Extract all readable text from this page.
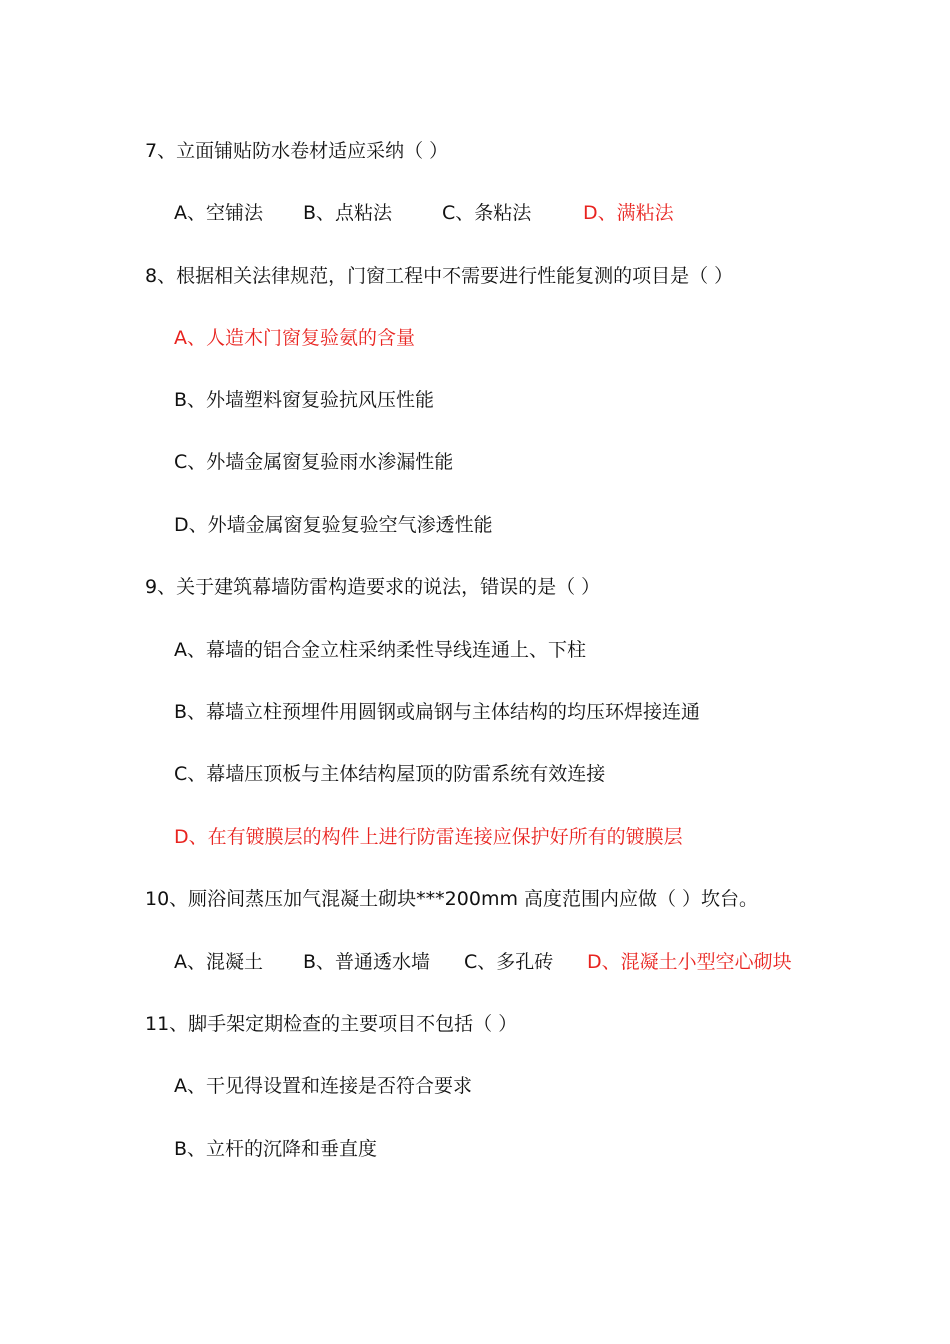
7、立面铺贴防水卷材适应采纳（ ）
A、空铺法 B、点粘法	C、条粘法	D、满粘法
8、根据相关法律规范，门窗工程中不需要进行性能复测的项目是（ ）
A、人造木门窗复验氨的含量
B、外墙塑料窗复验抗风压性能
C、外墙金属窗复验雨水渗漏性能
D、外墙金属窗复验复验空气渗透性能
9、关于建筑幕墙防雷构造要求的说法，错误的是（ ）
A、幕墙的铝合金立柱采纳柔性导线连通上、下柱
B、幕墙立柱预埋件用圆钢或扁钢与主体结构的均压环焊接连通
C、幕墙压顶板与主体结构屋顶的防雷系统有效连接
D、在有镀膜层的构件上进行防雷连接应保护好所有的镀膜层
10、厕浴间蒸压加气混凝土砌块***200mm 高度范围内应做（ ）坎台。
A、混凝土 B、普通透水墙 C、多孔砖 D、混凝土小型空心砌块
11、脚手架定期检查的主要项目不包括（ ）
A、干见得设置和连接是否符合要求
B、立杆的沉降和垂直度
